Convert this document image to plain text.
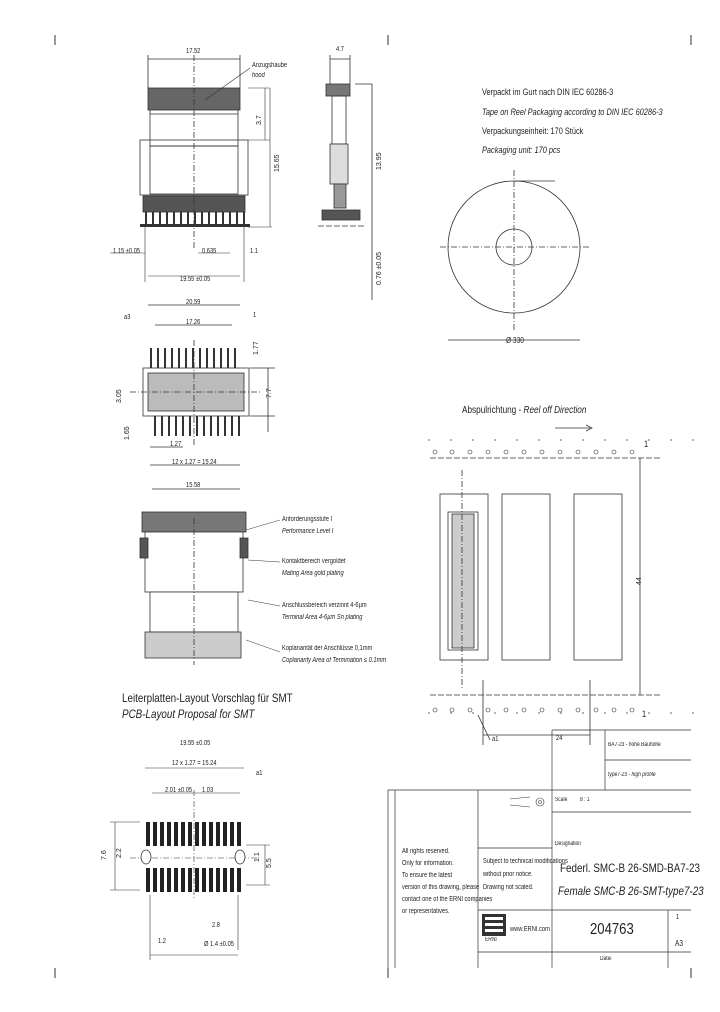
17.52	4.7
Anzugshaube
hood
3.7
15.65	13.95
0.76 ±0.05
1.15 ±0.05	0.635	1.1
19.55 ±0.05
20.59
17.26
a3	1
1.77
3.05	7.7
1.65
1.27
12 x 1.27 = 15.24
15.58
Anforderungsstufe I
Performance Level I
Kontaktbereich vergoldet
Mating Area gold plating
Anschlussbereich verzinnt 4-6µm
Terminal Area 4-6µm Sn plating
Koplanarität der Anschlüsse 0,1mm
Coplanarity Area of Termination ≤ 0.1mm
Leiterplatten-Layout Vorschlag für SMT
PCB-Layout Proposal for SMT
19.55 ±0.05
12 x 1.27 = 15.24
a1
2.01 ±0.05 1.03
7.6 2.2	1.1
5.5
1.2
2.8
Ø 1.4 ±0.05
Verpackt im Gurt nach DIN IEC 60286-3
Tape on Reel Packaging according to DIN IEC 60286-3
Verpackungseinheit: 170 Stück
Packaging unit: 170 pcs
Ø 330
Abspulrichtung - Reel off Direction
44
24
a1
1
1
BA7-23 - hohe Bauhöhe
type7-23 - high profile
Scale 8 : 1
Designation
Federl. SMC-B 26-SMD-BA7-23
Female SMC-B 26-SMT-type7-23
All rights reserved.
Only for information.
To ensure the latest
version of this drawing, please
contact one of the ERNI companies
or representatives.
Subject to technical modifications
without prior notice.
Drawing not scaled.
ERNI
www.ERNI.com	204763
1
A3
Datei
